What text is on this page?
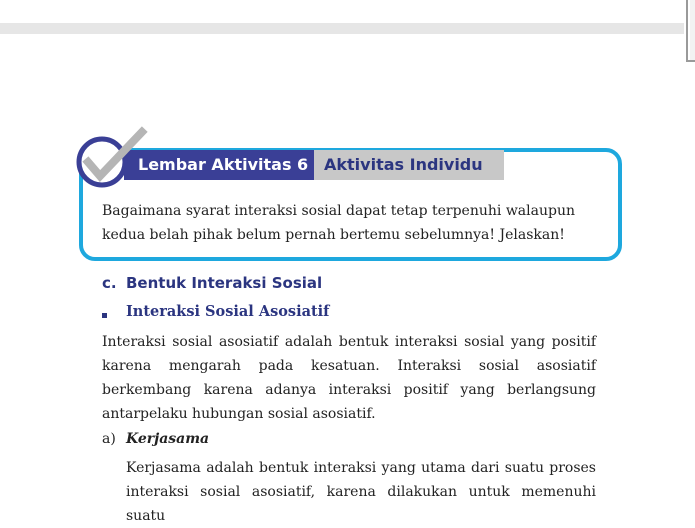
Lembar Aktivitas 6 Aktivitas Individu
Bagaimana syarat interaksi sosial dapat tetap terpenuhi walaupun kedua belah pihak belum pernah bertemu sebelumnya! Jelaskan!
c. Bentuk Interaksi Sosial
Interaksi Sosial Asosiatif
Interaksi sosial asosiatif adalah bentuk interaksi sosial yang positif karena mengarah pada kesatuan. Interaksi sosial asosiatif berkembang karena adanya interaksi positif yang berlangsung antarpelaku hubungan sosial asosiatif.
a) Kerjasama
Kerjasama adalah bentuk interaksi yang utama dari suatu proses interaksi sosial asosiatif, karena dilakukan untuk memenuhi suatu
